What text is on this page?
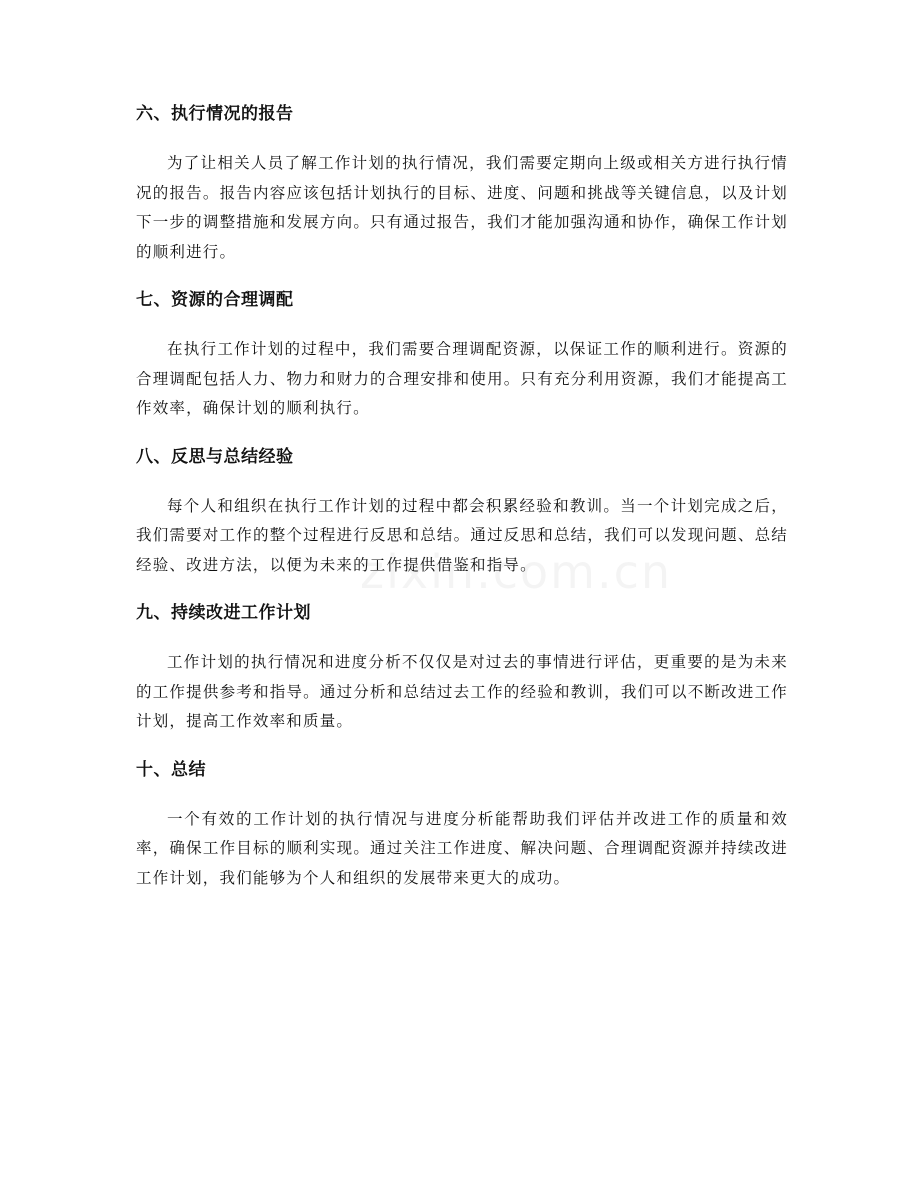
六、执行情况的报告

为了让相关人员了解工作计划的执行情况，我们需要定期向上级或相关方进行执行情况的报告。报告内容应该包括计划执行的目标、进度、问题和挑战等关键信息，以及计划下一步的调整措施和发展方向。只有通过报告，我们才能加强沟通和协作，确保工作计划的顺利进行。

七、资源的合理调配

在执行工作计划的过程中，我们需要合理调配资源，以保证工作的顺利进行。资源的合理调配包括人力、物力和财力的合理安排和使用。只有充分利用资源，我们才能提高工作效率，确保计划的顺利执行。

八、反思与总结经验

每个人和组织在执行工作计划的过程中都会积累经验和教训。当一个计划完成之后，我们需要对工作的整个过程进行反思和总结。通过反思和总结，我们可以发现问题、总结经验、改进方法，以便为未来的工作提供借鉴和指导。

九、持续改进工作计划

工作计划的执行情况和进度分析不仅仅是对过去的事情进行评估，更重要的是为未来的工作提供参考和指导。通过分析和总结过去工作的经验和教训，我们可以不断改进工作计划，提高工作效率和质量。

十、总结

一个有效的工作计划的执行情况与进度分析能帮助我们评估并改进工作的质量和效率，确保工作目标的顺利实现。通过关注工作进度、解决问题、合理调配资源并持续改进工作计划，我们能够为个人和组织的发展带来更大的成功。
